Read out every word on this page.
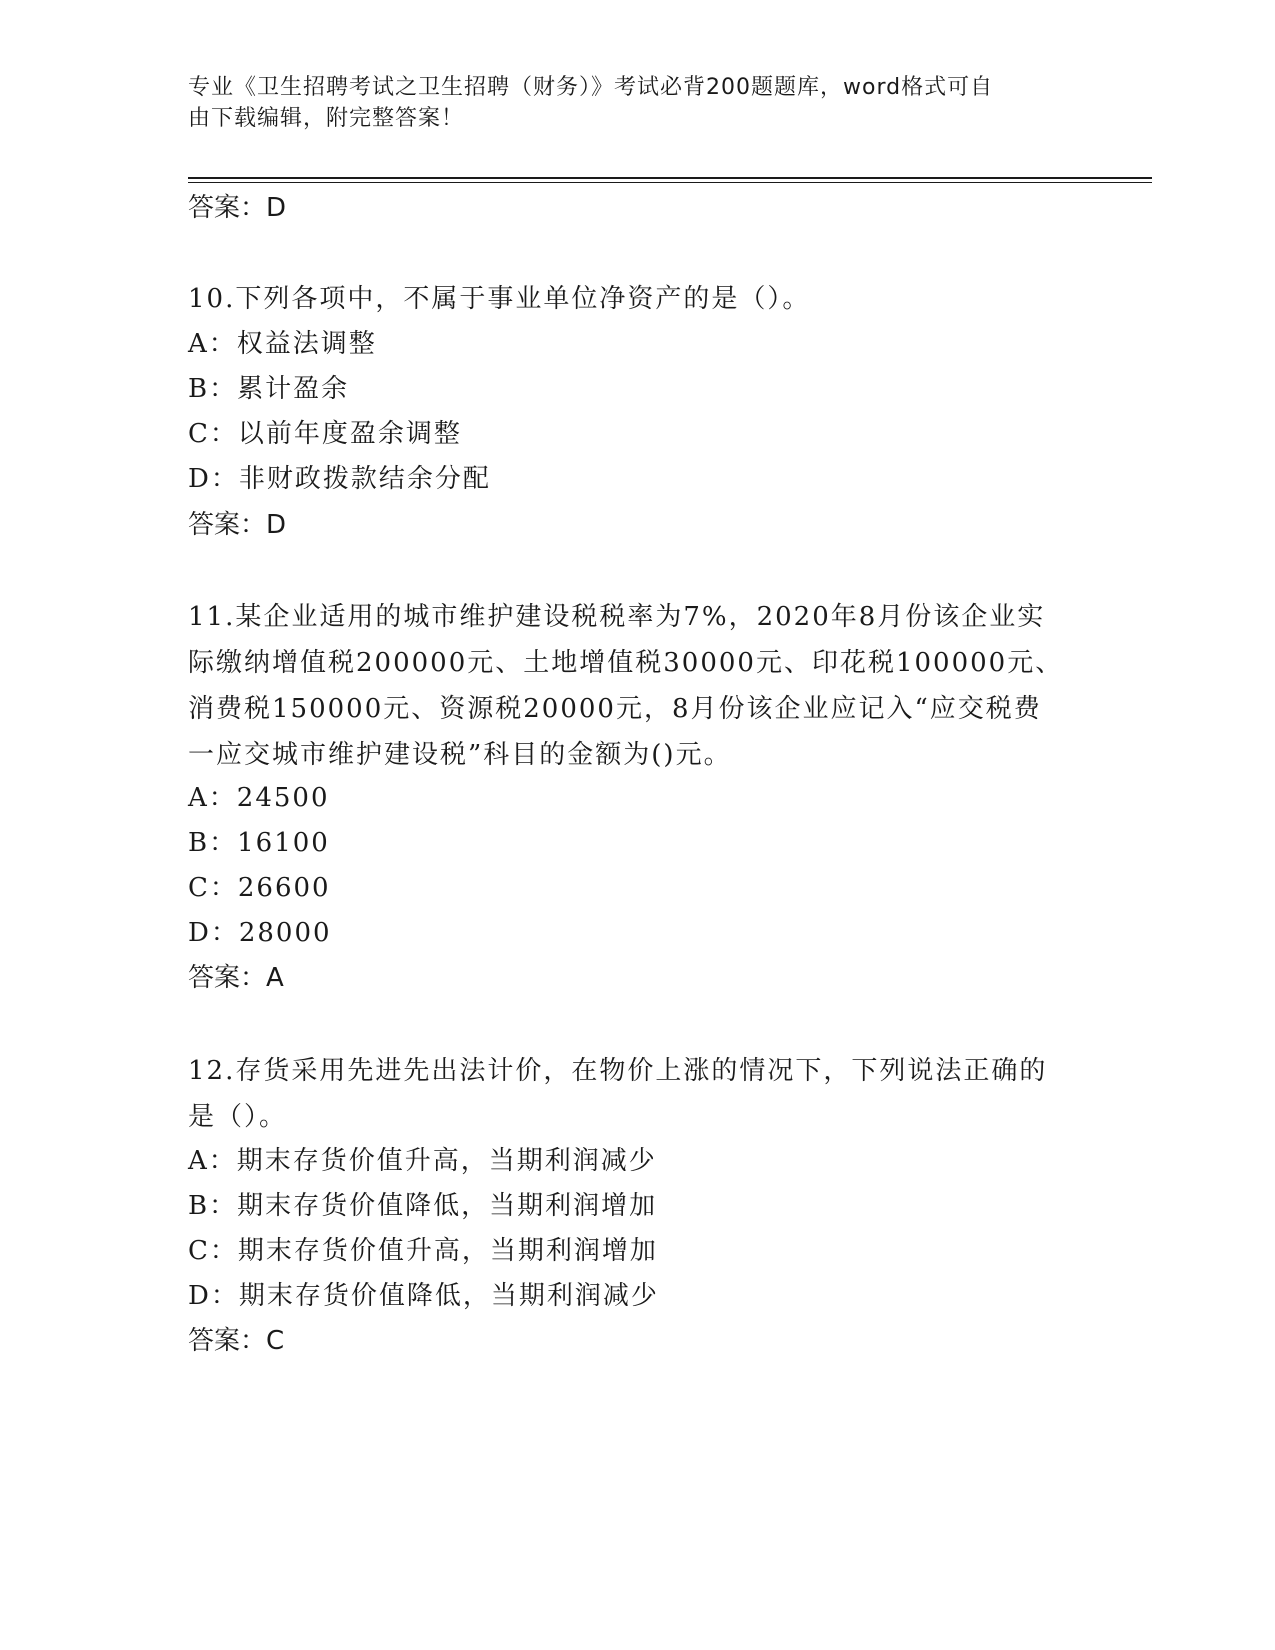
专业《卫生招聘考试之卫生招聘（财务）》考试必背200题题库，word格式可自
由下载编辑，附完整答案！
答案：D
10.下列各项中，不属于事业单位净资产的是（）。
A：权益法调整
B：累计盈余
C：以前年度盈余调整
D：非财政拨款结余分配
答案：D
11.某企业适用的城市维护建设税税率为7%，2020年8月份该企业实
际缴纳增值税200000元、土地增值税30000元、印花税100000元、
消费税150000元、资源税20000元，8月份该企业应记入“应交税费
一应交城市维护建设税”科目的金额为()元。
A：24500
B：16100
C：26600
D：28000
答案：A
12.存货采用先进先出法计价，在物价上涨的情况下，下列说法正确的
是（）。
A：期末存货价值升高，当期利润减少
B：期末存货价值降低，当期利润增加
C：期末存货价值升高，当期利润增加
D：期末存货价值降低，当期利润减少
答案：C
